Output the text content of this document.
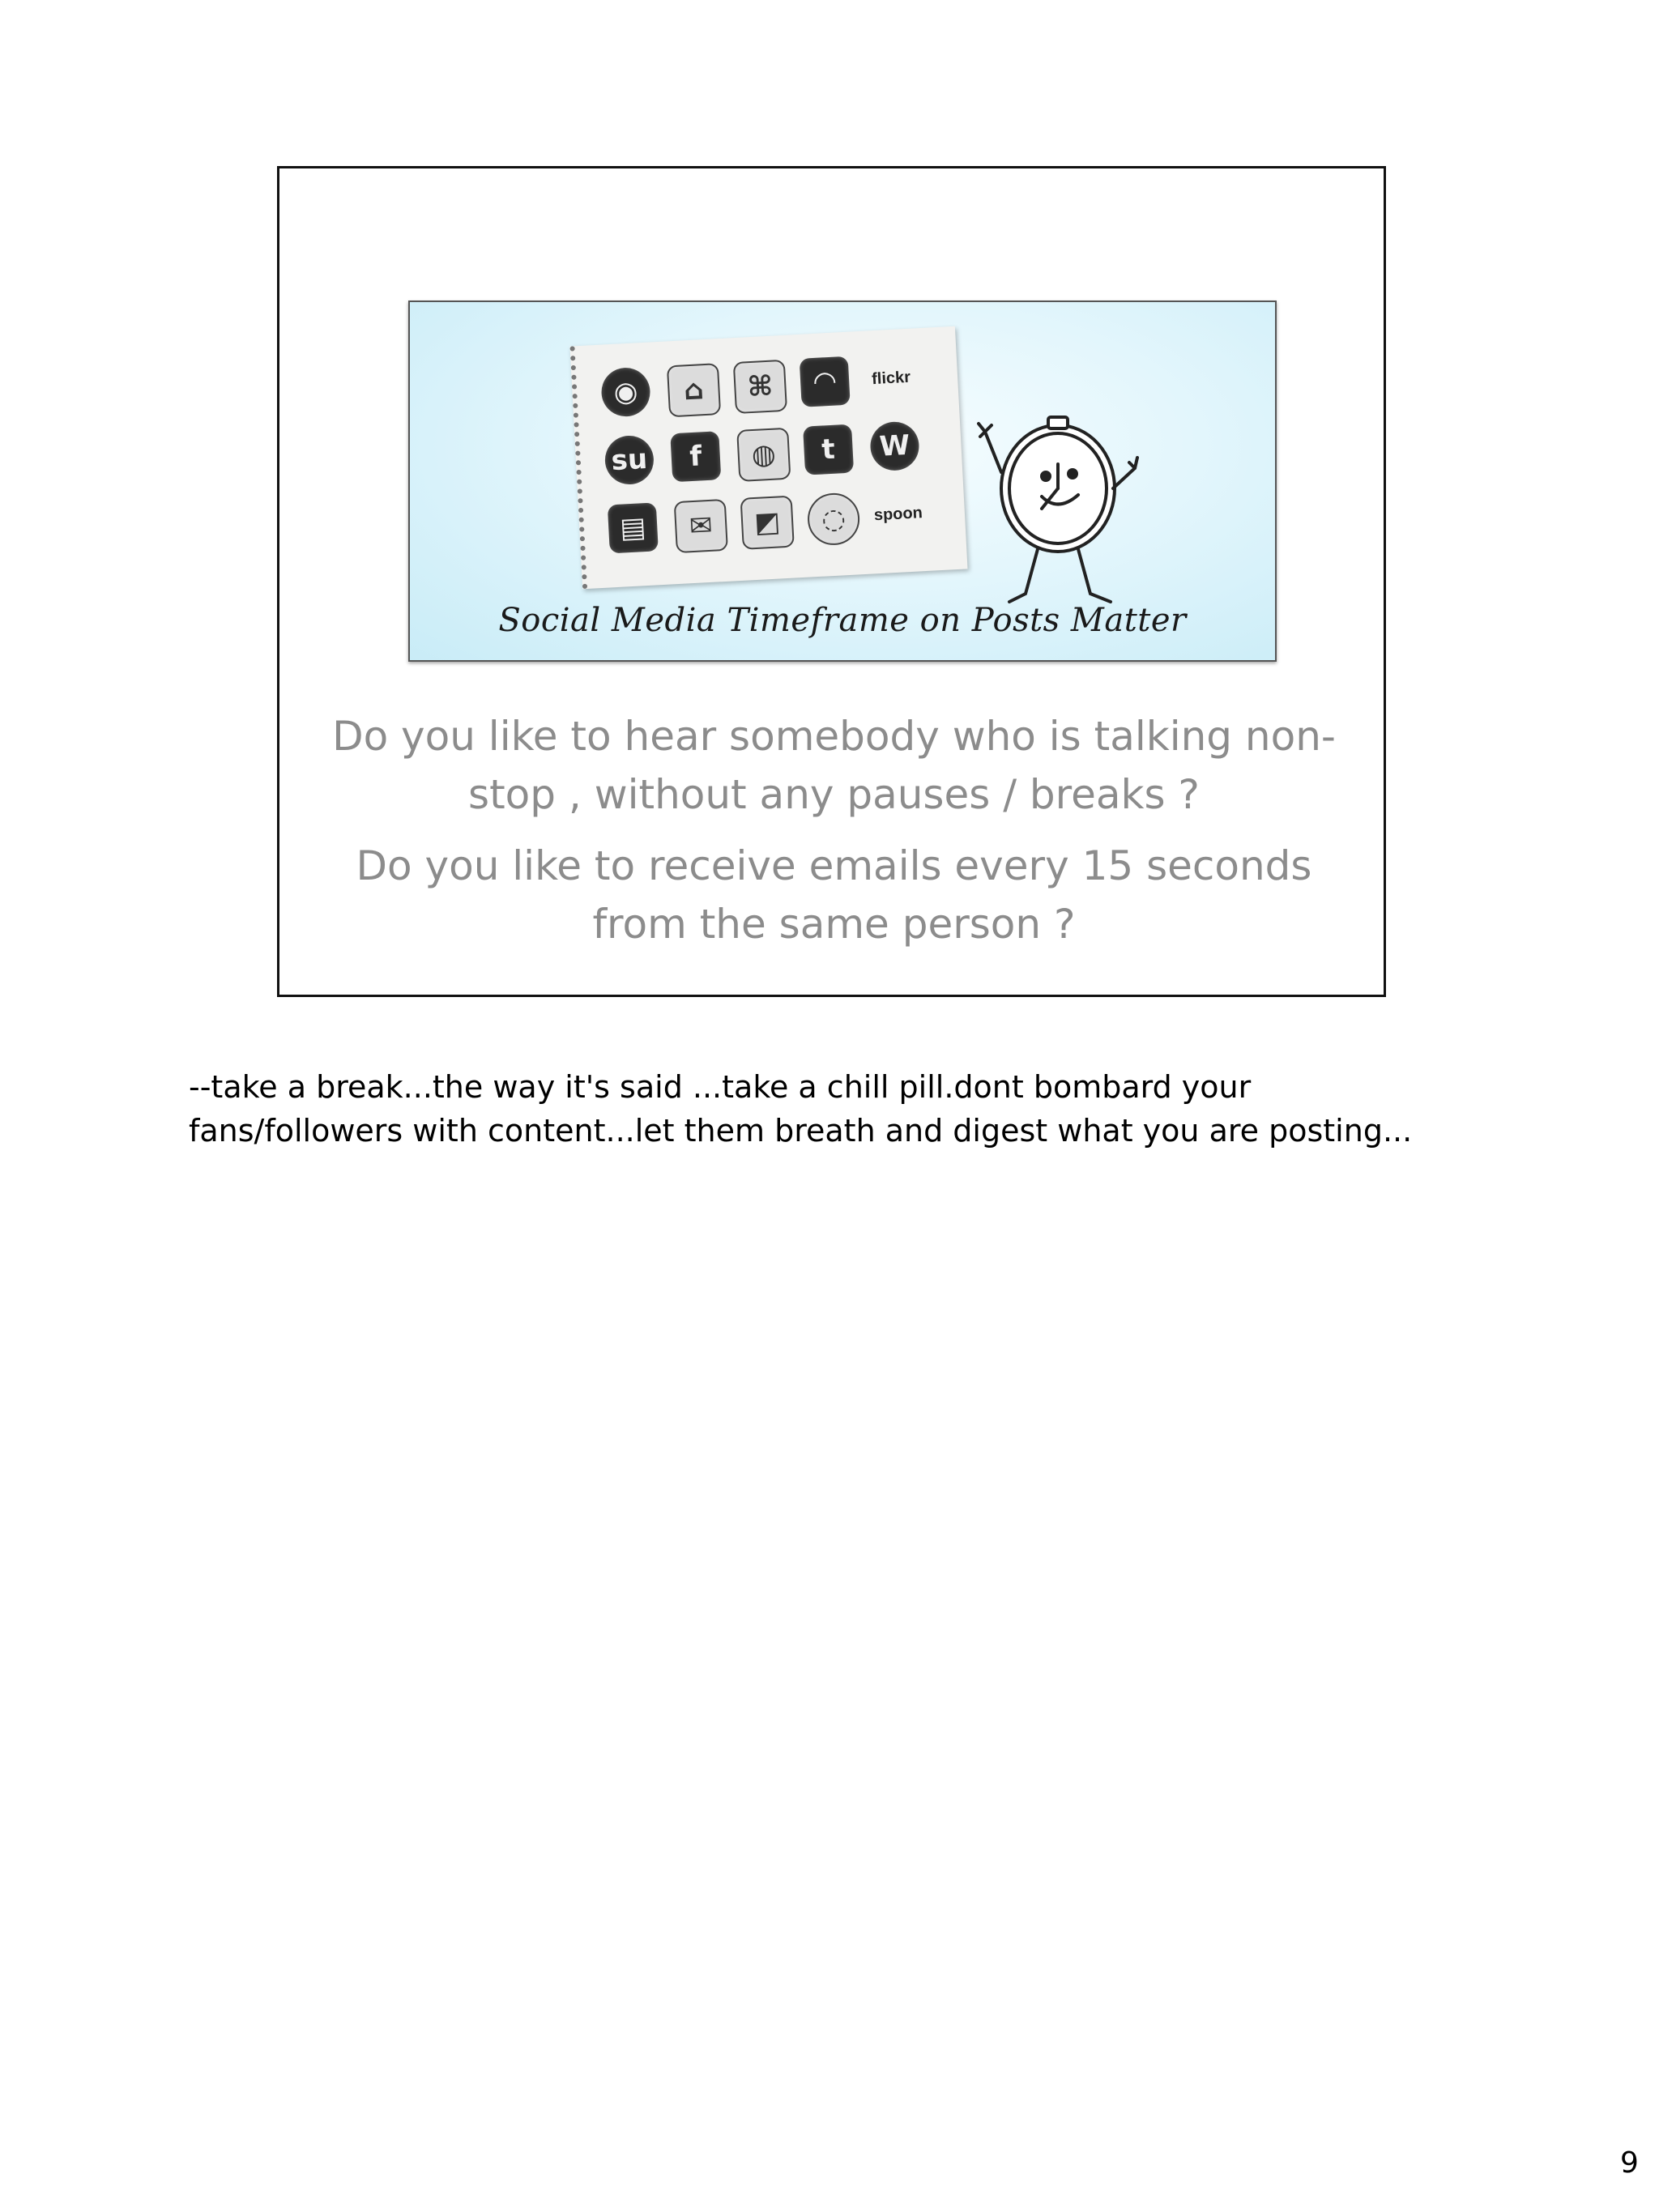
◉	⌂	⌘	◠	flickr
su	f	◍	t	W
▤	✉	◩	◌	spoon
Social Media Timeframe on Posts Matter
Do you like to hear somebody who is talking non-stop , without any pauses / breaks ?
Do you like to receive emails every 15 seconds from the same person ?
--take a break...the way it's said ...take a chill pill.dont bombard your fans/followers with content...let them breath and digest what you are posting...
9
